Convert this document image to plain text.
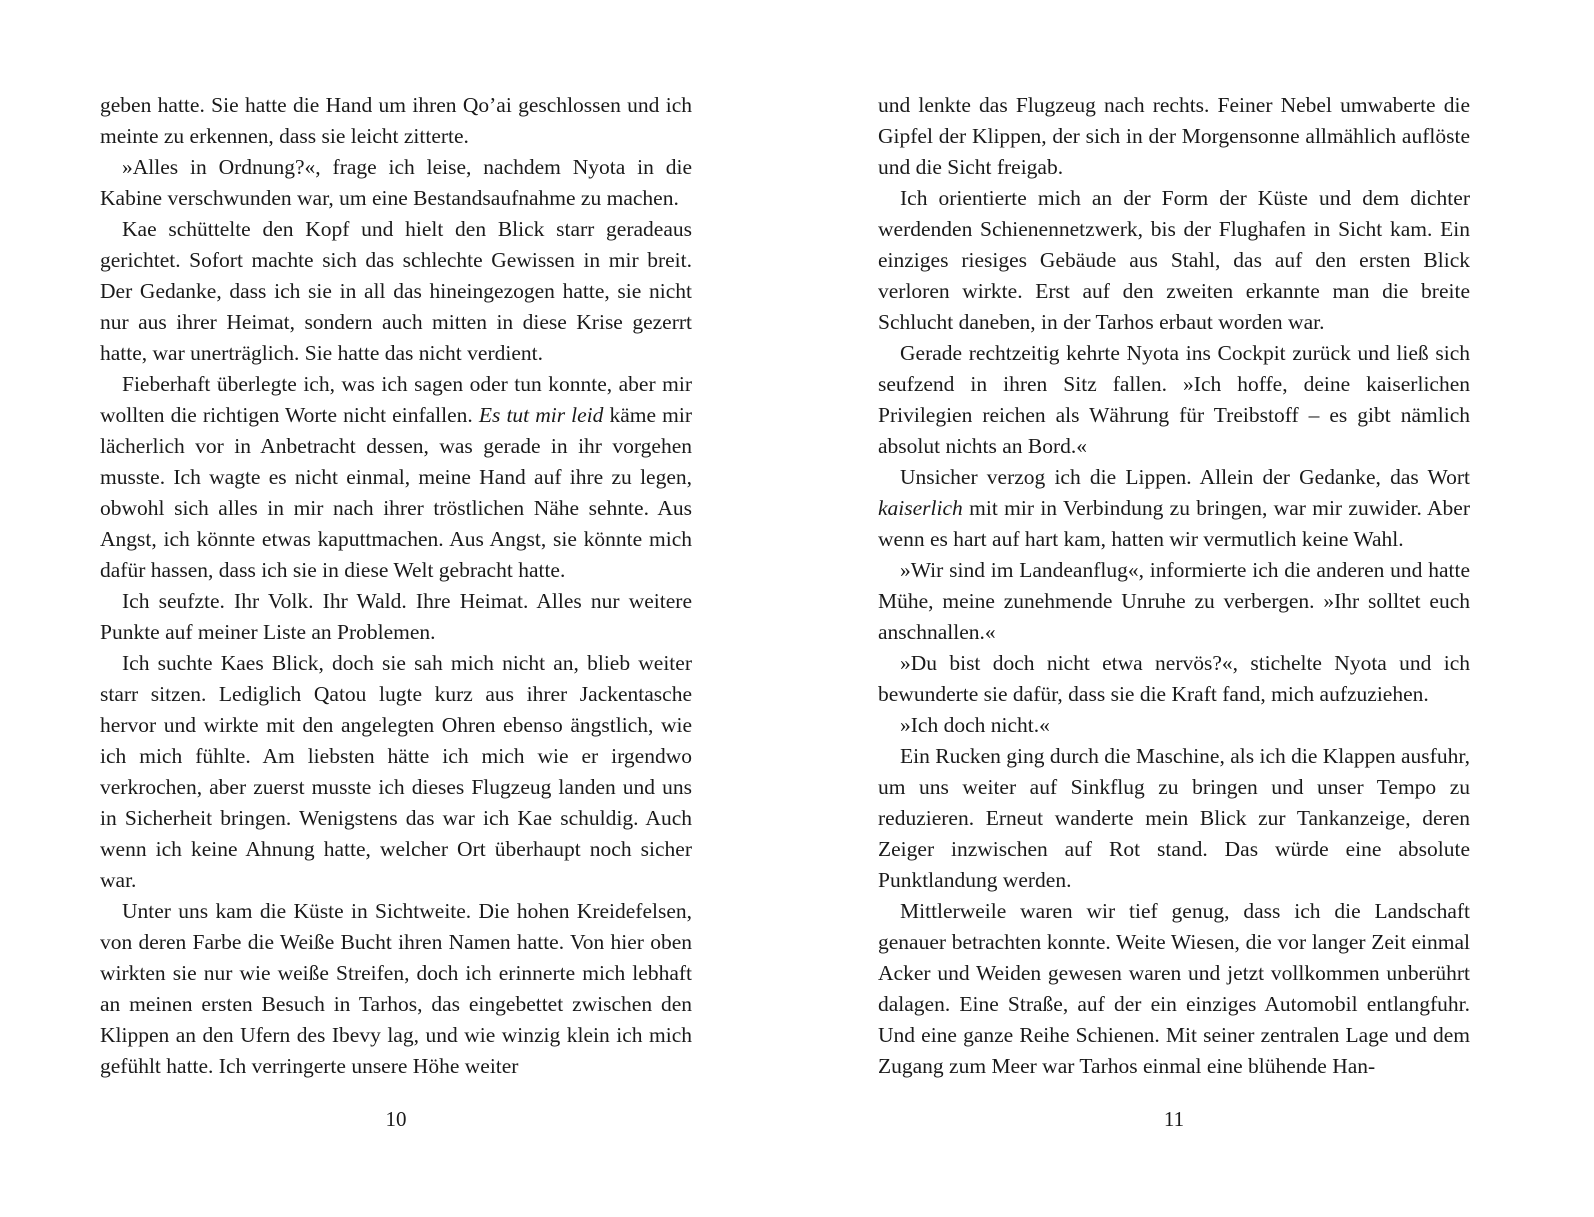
geben hatte. Sie hatte die Hand um ihren Qo’ai geschlossen und ich meinte zu erkennen, dass sie leicht zitterte.

»Alles in Ordnung?«, frage ich leise, nachdem Nyota in die Kabine verschwunden war, um eine Bestandsaufnahme zu machen.

Kae schüttelte den Kopf und hielt den Blick starr geradeaus gerichtet. Sofort machte sich das schlechte Gewissen in mir breit. Der Gedanke, dass ich sie in all das hineingezogen hatte, sie nicht nur aus ihrer Heimat, sondern auch mitten in diese Krise gezerrt hatte, war unerträglich. Sie hatte das nicht verdient.

Fieberhaft überlegte ich, was ich sagen oder tun konnte, aber mir wollten die richtigen Worte nicht einfallen. Es tut mir leid käme mir lächerlich vor in Anbetracht dessen, was gerade in ihr vorgehen musste. Ich wagte es nicht einmal, meine Hand auf ihre zu legen, obwohl sich alles in mir nach ihrer tröstlichen Nähe sehnte. Aus Angst, ich könnte etwas kaputtmachen. Aus Angst, sie könnte mich dafür hassen, dass ich sie in diese Welt gebracht hatte.

Ich seufzte. Ihr Volk. Ihr Wald. Ihre Heimat. Alles nur weitere Punkte auf meiner Liste an Problemen.

Ich suchte Kaes Blick, doch sie sah mich nicht an, blieb weiter starr sitzen. Lediglich Qatou lugte kurz aus ihrer Jackentasche hervor und wirkte mit den angelegten Ohren ebenso ängstlich, wie ich mich fühlte. Am liebsten hätte ich mich wie er irgendwo verkrochen, aber zuerst musste ich dieses Flugzeug landen und uns in Sicherheit bringen. Wenigstens das war ich Kae schuldig. Auch wenn ich keine Ahnung hatte, welcher Ort überhaupt noch sicher war.

Unter uns kam die Küste in Sichtweite. Die hohen Kreidefelsen, von deren Farbe die Weiße Bucht ihren Namen hatte. Von hier oben wirkten sie nur wie weiße Streifen, doch ich erinnerte mich lebhaft an meinen ersten Besuch in Tarhos, das eingebettet zwischen den Klippen an den Ufern des Ibevy lag, und wie winzig klein ich mich gefühlt hatte. Ich verringerte unsere Höhe weiter

und lenkte das Flugzeug nach rechts. Feiner Nebel umwaberte die Gipfel der Klippen, der sich in der Morgensonne allmählich auflöste und die Sicht freigab.

Ich orientierte mich an der Form der Küste und dem dichter werdenden Schienennetzwerk, bis der Flughafen in Sicht kam. Ein einziges riesiges Gebäude aus Stahl, das auf den ersten Blick verloren wirkte. Erst auf den zweiten erkannte man die breite Schlucht daneben, in der Tarhos erbaut worden war.

Gerade rechtzeitig kehrte Nyota ins Cockpit zurück und ließ sich seufzend in ihren Sitz fallen. »Ich hoffe, deine kaiserlichen Privilegien reichen als Währung für Treibstoff – es gibt nämlich absolut nichts an Bord.«

Unsicher verzog ich die Lippen. Allein der Gedanke, das Wort kaiserlich mit mir in Verbindung zu bringen, war mir zuwider. Aber wenn es hart auf hart kam, hatten wir vermutlich keine Wahl.

»Wir sind im Landeanflug«, informierte ich die anderen und hatte Mühe, meine zunehmende Unruhe zu verbergen. »Ihr solltet euch anschnallen.«

»Du bist doch nicht etwa nervös?«, stichelte Nyota und ich bewunderte sie dafür, dass sie die Kraft fand, mich aufzuziehen.

»Ich doch nicht.«

Ein Rucken ging durch die Maschine, als ich die Klappen ausfuhr, um uns weiter auf Sinkflug zu bringen und unser Tempo zu reduzieren. Erneut wanderte mein Blick zur Tankanzeige, deren Zeiger inzwischen auf Rot stand. Das würde eine absolute Punktlandung werden.

Mittlerweile waren wir tief genug, dass ich die Landschaft genauer betrachten konnte. Weite Wiesen, die vor langer Zeit einmal Acker und Weiden gewesen waren und jetzt vollkommen unberührt dalagen. Eine Straße, auf der ein einziges Automobil entlangfuhr. Und eine ganze Reihe Schienen. Mit seiner zentralen Lage und dem Zugang zum Meer war Tarhos einmal eine blühende Han-

10	11
